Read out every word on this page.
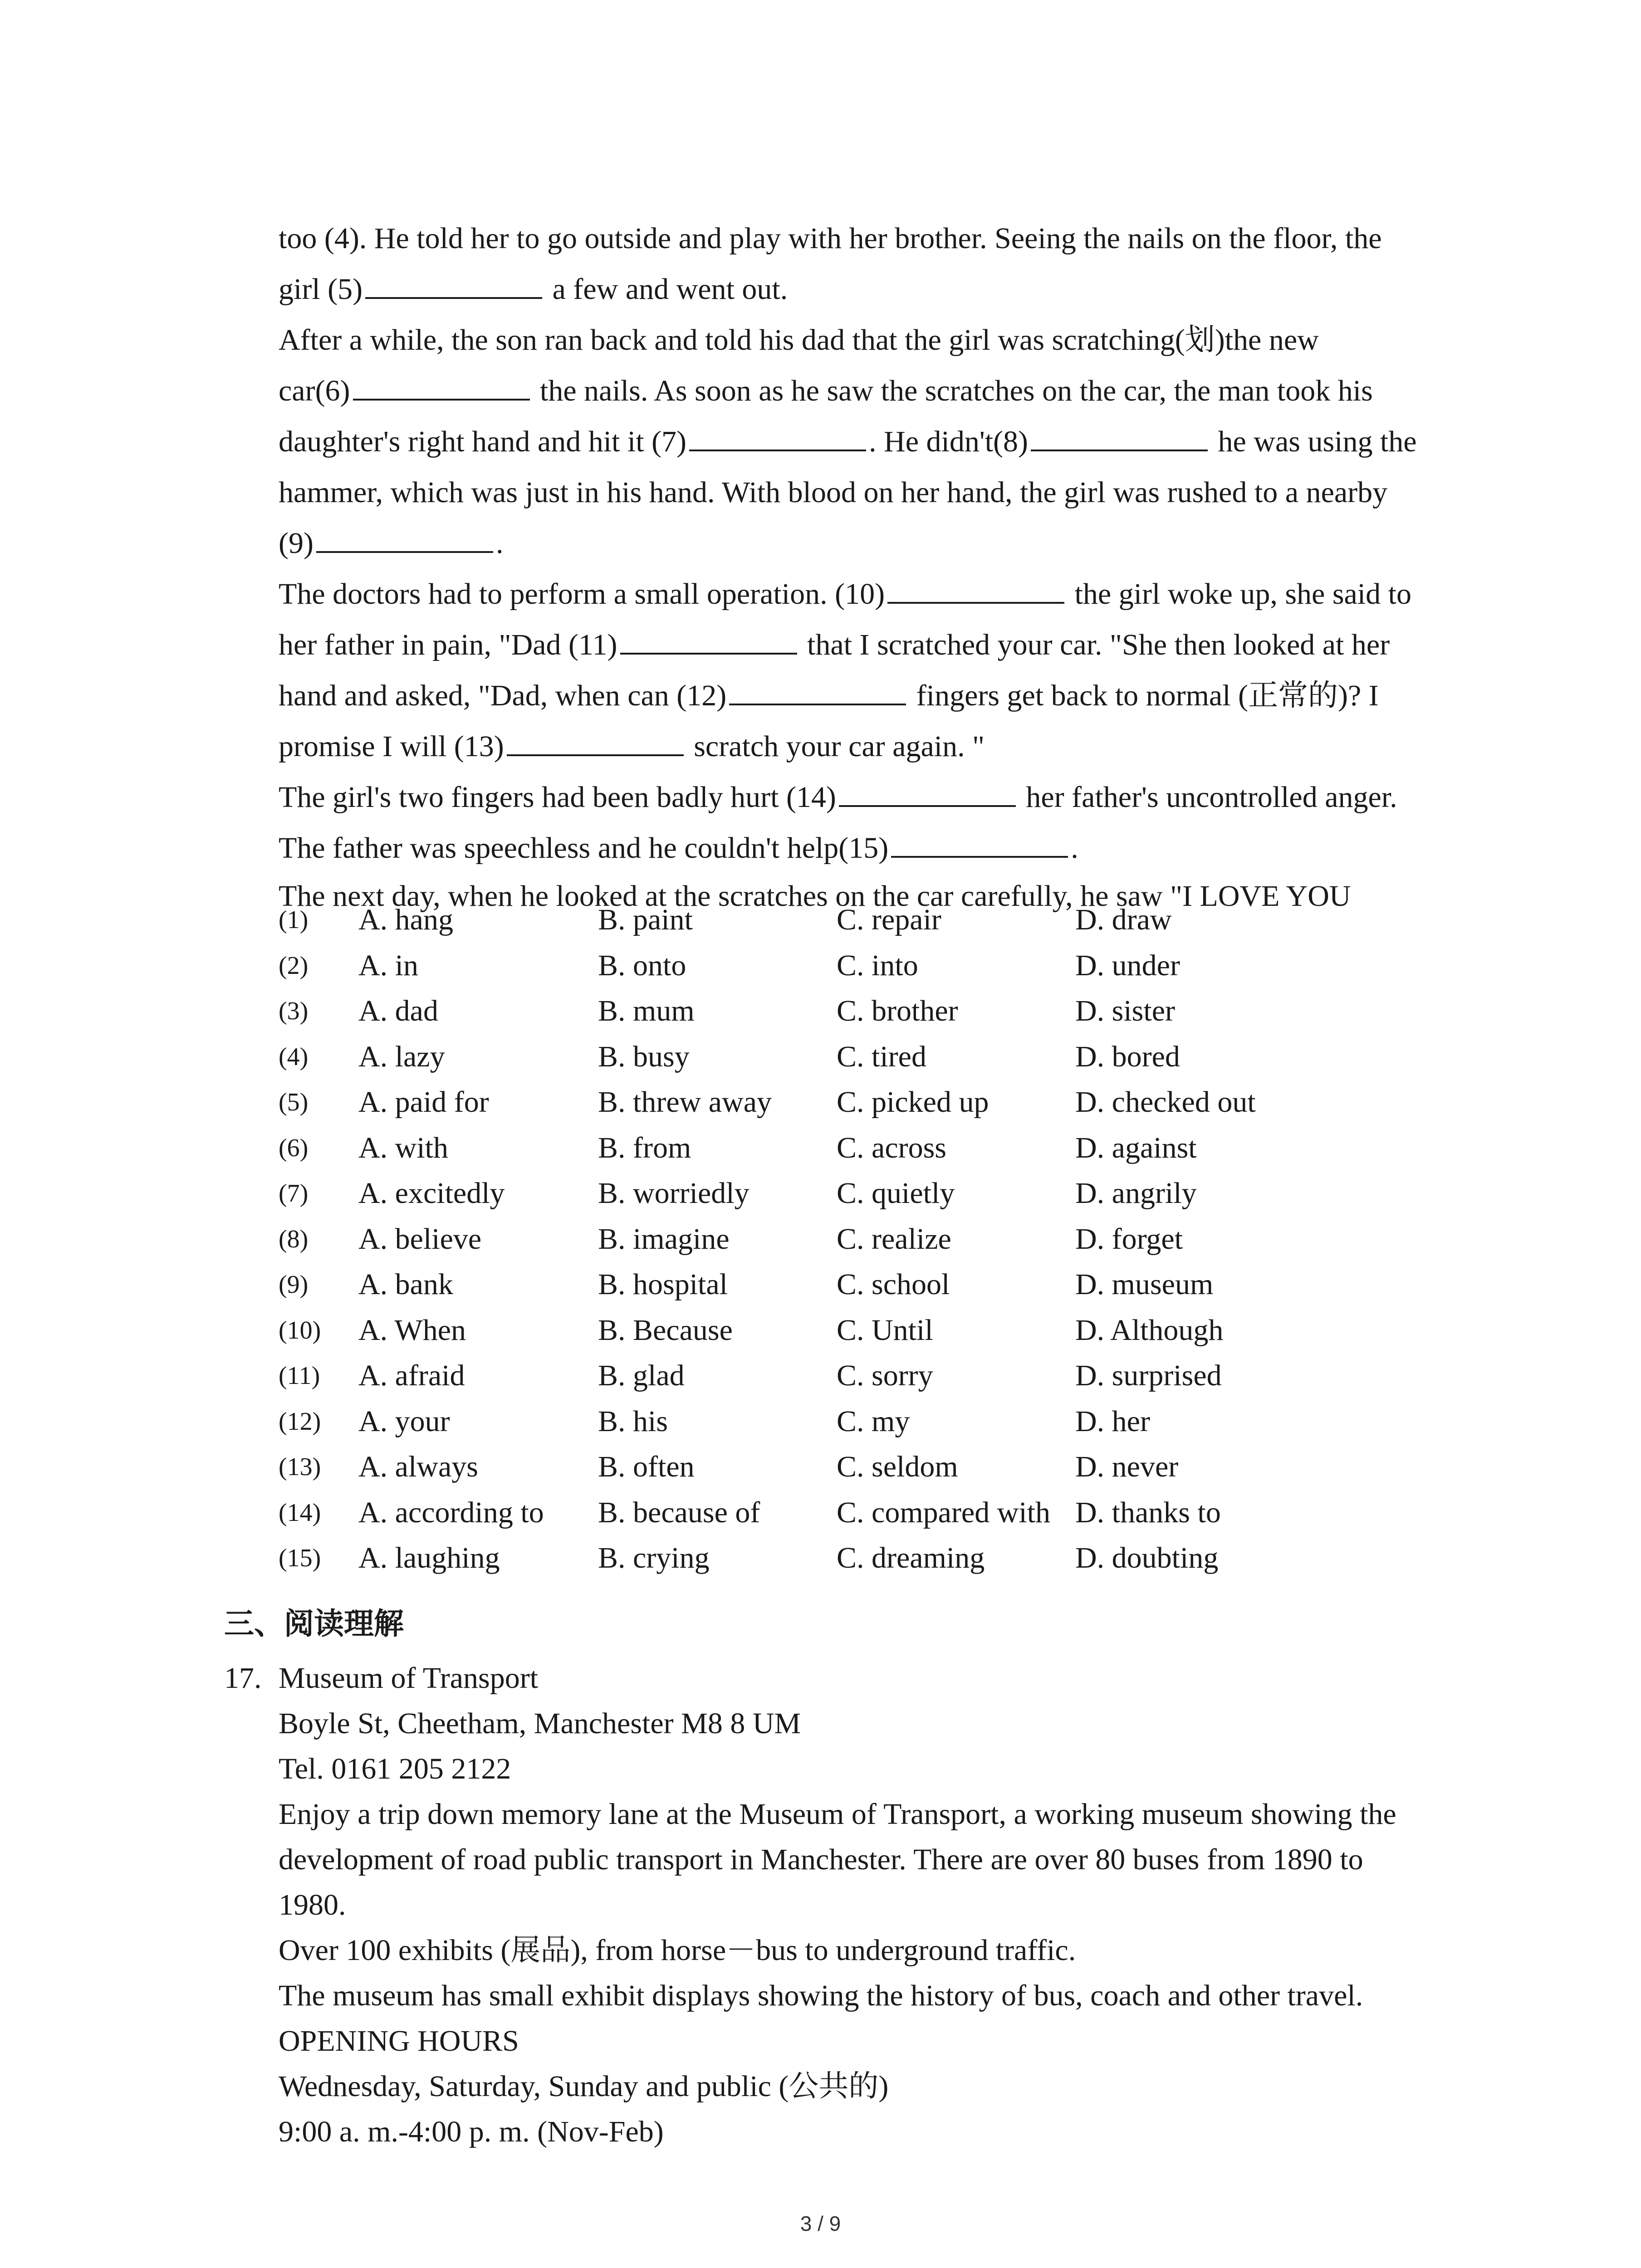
too (4). He told her to go outside and play with her brother. Seeing the nails on the floor, the
girl (5)	a few and went out.
After a while, the son ran back and told his dad that the girl was scratching(划)the new
car(6)	the nails. As soon as he saw the scratches on the car, the man took his
daughter's right hand and hit it (7)	. He didn't(8)	he was using the
hammer, which was just in his hand. With blood on her hand, the girl was rushed to a nearby
(9)	.
The doctors had to perform a small operation. (10)	the girl woke up, she said to
her father in pain, "Dad (11)	that I scratched your car. "She then looked at her
hand and asked, "Dad, when can (12)	fingers get back to normal (正常的)? I
promise I will (13)	scratch your car again. "
The girl's two fingers had been badly hurt (14)	her father's uncontrolled anger.
The father was speechless and he couldn't help(15)	.
The next day, when he looked at the scratches on the car carefully, he saw "I LOVE YOU
(1) A. hang	B. paint	C. repair	D. draw
(2) A. in	B. onto	C. into	D. under
(3) A. dad	B. mum	C. brother	D. sister
(4) A. lazy	B. busy	C. tired	D. bored
(5) A. paid for	B. threw away C. picked up	D. checked out
(6) A. with	B. from	C. across	D. against
(7) A. excitedly	B. worriedly	C. quietly	D. angrily
(8) A. believe	B. imagine	C. realize	D. forget
(9) A. bank	B. hospital	C. school	D. museum
(10) A. When	B. Because	C. Until	D. Although
(11) A. afraid	B. glad	C. sorry	D. surprised
(12) A. your	B. his	C. my	D. her
(13) A. always	B. often	C. seldom	D. never
(14) A. according to B. because of	C. compared with D. thanks to
(15) A. laughing	B. crying	C. dreaming	D. doubting
三、阅读理解
17. Museum of Transport
Boyle St, Cheetham, Manchester M8 8 UM
Tel. 0161 205 2122
Enjoy a trip down memory lane at the Museum of Transport, a working museum showing the
development of road public transport in Manchester. There are over 80 buses from 1890 to
1980.
Over 100 exhibits (展品), from horse－bus to underground traffic.
The museum has small exhibit displays showing the history of bus, coach and other travel.
OPENING HOURS
Wednesday, Saturday, Sunday and public (公共的)
9:00 a. m.-4:00 p. m. (Nov-Feb)
3 / 9
